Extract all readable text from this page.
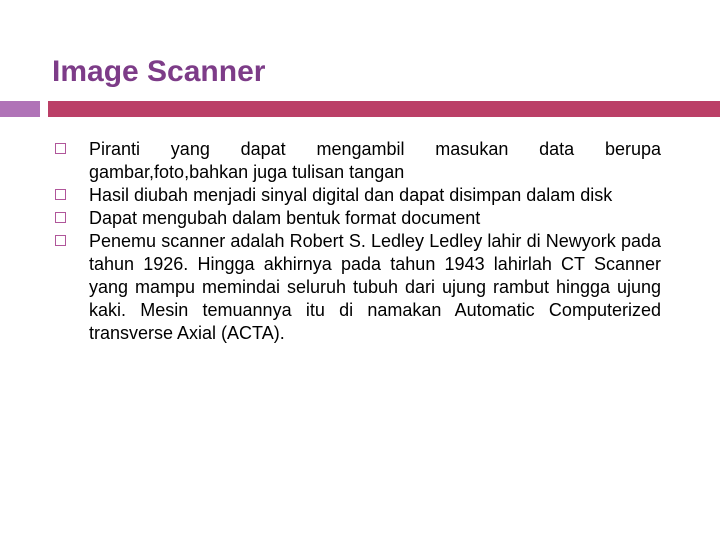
Image Scanner
Piranti yang dapat mengambil masukan data berupa gambar,foto,bahkan juga tulisan tangan
Hasil diubah menjadi sinyal digital dan dapat disimpan dalam disk
Dapat mengubah dalam bentuk format document
Penemu scanner adalah Robert S. Ledley Ledley lahir di Newyork pada tahun 1926. Hingga akhirnya pada tahun 1943 lahirlah CT Scanner yang mampu memindai seluruh tubuh dari ujung rambut hingga ujung kaki. Mesin temuannya itu di namakan Automatic Computerized transverse Axial (ACTA).
